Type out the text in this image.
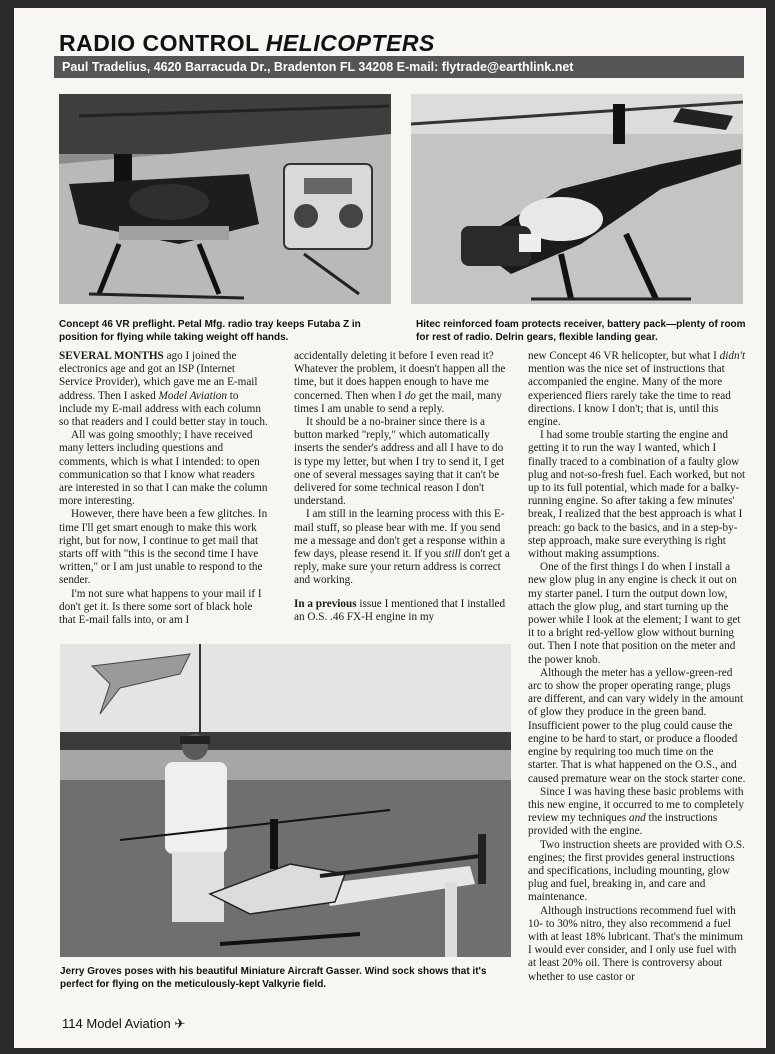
RADIO CONTROL HELICOPTERS
Paul Tradelius, 4620 Barracuda Dr., Bradenton FL 34208 E-mail: flytrade@earthlink.net
Concept 46 VR preflight. Petal Mfg. radio tray keeps Futaba Z in position for flying while taking weight off hands.
Hitec reinforced foam protects receiver, battery pack—plenty of room for rest of radio. Delrin gears, flexible landing gear.

SEVERAL MONTHS ago I joined the electronics age and got an ISP (Internet Service Provider), which gave me an E-mail address. Then I asked Model Aviation to include my E-mail address with each column so that readers and I could better stay in touch.

All was going smoothly; I have received many letters including questions and comments, which is what I intended: to open communication so that I know what readers are interested in so that I can make the column more interesting.

However, there have been a few glitches. In time I'll get smart enough to make this work right, but for now, I continue to get mail that starts off with "this is the second time I have written," or I am just unable to respond to the sender.

I'm not sure what happens to your mail if I don't get it. Is there some sort of black hole that E-mail falls into, or am I

accidentally deleting it before I even read it? Whatever the problem, it doesn't happen all the time, but it does happen enough to have me concerned. Then when I do get the mail, many times I am unable to send a reply.

It should be a no-brainer since there is a button marked "reply," which automatically inserts the sender's address and all I have to do is type my letter, but when I try to send it, I get one of several messages saying that it can't be delivered for some technical reason I don't understand.

I am still in the learning process with this E-mail stuff, so please bear with me. If you send me a message and don't get a response within a few days, please resend it. If you still don't get a reply, make sure your return address is correct and working.

In a previous issue I mentioned that I installed an O.S. .46 FX-H engine in my

Jerry Groves poses with his beautiful Miniature Aircraft Gasser. Wind sock shows that it's perfect for flying on the meticulously-kept Valkyrie field.

new Concept 46 VR helicopter, but what I didn't mention was the nice set of instructions that accompanied the engine. Many of the more experienced fliers rarely take the time to read directions. I know I don't; that is, until this engine.

I had some trouble starting the engine and getting it to run the way I wanted, which I finally traced to a combination of a faulty glow plug and not-so-fresh fuel. Each worked, but not up to its full potential, which made for a balky-running engine. So after taking a few minutes' break, I realized that the best approach is what I preach: go back to the basics, and in a step-by-step approach, make sure everything is right without making assumptions.

One of the first things I do when I install a new glow plug in any engine is check it out on my starter panel. I turn the output down low, attach the glow plug, and start turning up the power while I look at the element; I want to get it to a bright red-yellow glow without burning out. Then I note that position on the meter and the power knob.

Although the meter has a yellow-green-red arc to show the proper operating range, plugs are different, and can vary widely in the amount of glow they produce in the green band. Insufficient power to the plug could cause the engine to be hard to start, or produce a flooded engine by requiring too much time on the starter. That is what happened on the O.S., and caused premature wear on the stock starter cone.

Since I was having these basic problems with this new engine, it occurred to me to completely review my techniques and the instructions provided with the engine.

Two instruction sheets are provided with O.S. engines; the first provides general instructions and specifications, including mounting, glow plug and fuel, breaking in, and care and maintenance.

Although instructions recommend fuel with 10- to 30% nitro, they also recommend a fuel with at least 18% lubricant. That's the minimum I would ever consider, and I only use fuel with at least 20% oil. There is controversy about whether to use castor or

114 Model Aviation ✈
